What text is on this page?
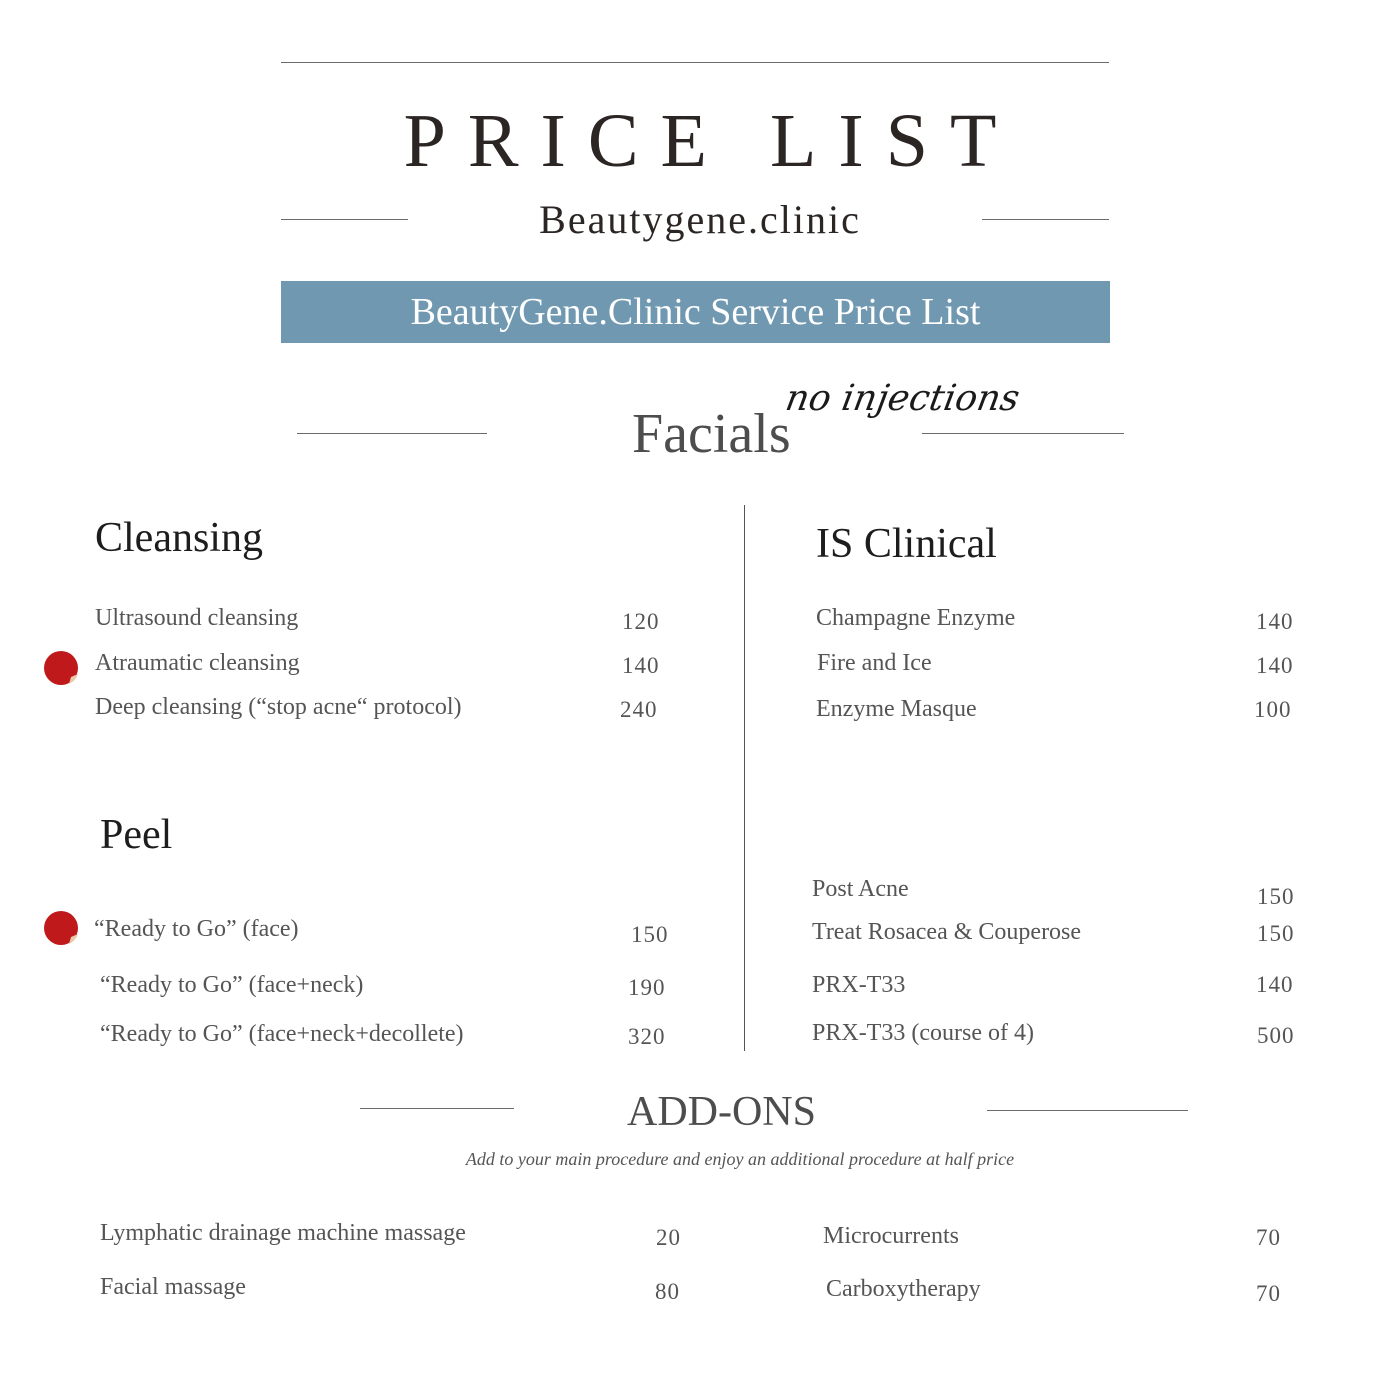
PRICE LIST
Beautygene.clinic
BeautyGene.Clinic Service Price List
Facials
no injections
Cleansing
Ultrasound cleansing	120
Atraumatic cleansing	140
Deep cleansing (“stop acne“ protocol)	240
IS Clinical
Champagne Enzyme	140
Fire and Ice	140
Enzyme Masque	100
Peel
“Ready to Go” (face)	150
“Ready to Go” (face+neck)	190
“Ready to Go” (face+neck+decollete)	320
Post Acne	150
Treat Rosacea & Couperose	150
PRX-T33	140
PRX-T33 (course of 4)	500
ADD-ONS
Add to your main procedure and enjoy an additional procedure at half price
Lymphatic drainage machine massage	20
Facial massage	80
Microcurrents	70
Carboxytherapy	70
